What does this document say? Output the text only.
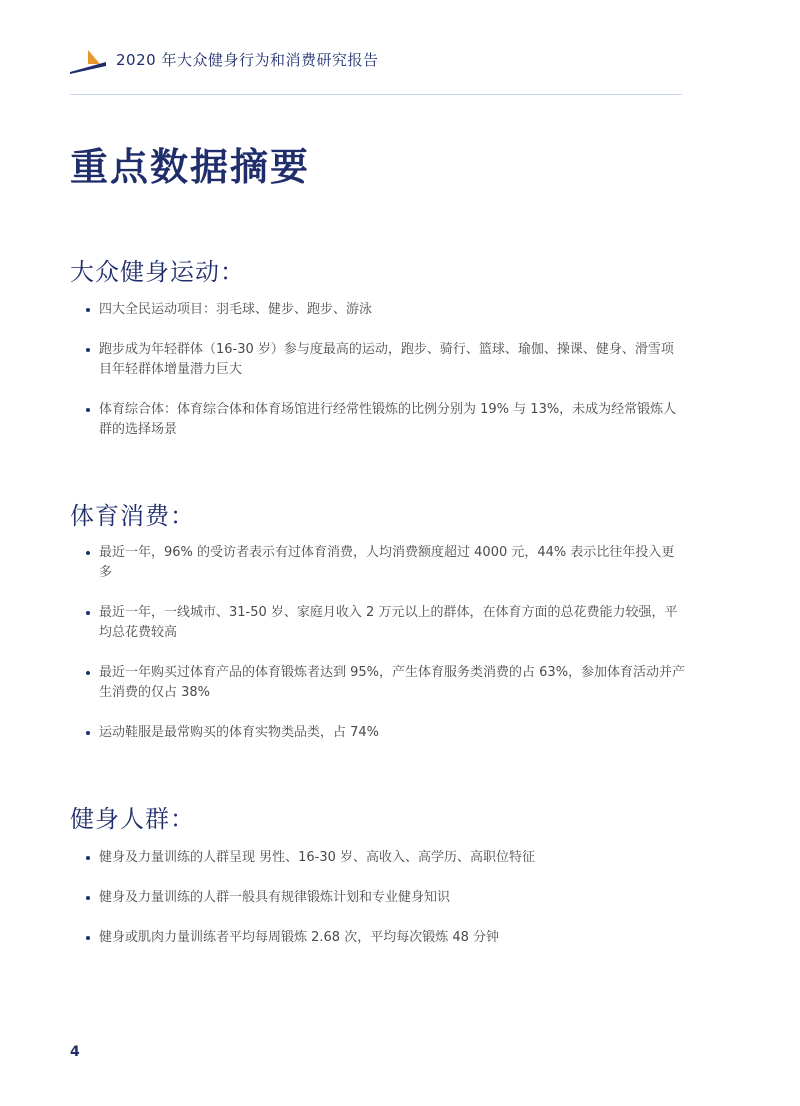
2020 年大众健身行为和消费研究报告
重点数据摘要
大众健身运动：
四大全民运动项目：羽毛球、健步、跑步、游泳
跑步成为年轻群体（16-30 岁）参与度最高的运动，跑步、骑行、篮球、瑜伽、操课、健身、滑雪项目年轻群体增量潜力巨大
体育综合体：体育综合体和体育场馆进行经常性锻炼的比例分别为 19% 与 13%，未成为经常锻炼人群的选择场景
体育消费：
最近一年，96% 的受访者表示有过体育消费，人均消费额度超过 4000 元，44% 表示比往年投入更多
最近一年，一线城市、31-50 岁、家庭月收入 2 万元以上的群体，在体育方面的总花费能力较强，平均总花费较高
最近一年购买过体育产品的体育锻炼者达到 95%，产生体育服务类消费的占 63%，参加体育活动并产生消费的仅占 38%
运动鞋服是最常购买的体育实物类品类，占 74%
健身人群：
健身及力量训练的人群呈现 男性、16-30 岁、高收入、高学历、高职位特征
健身及力量训练的人群一般具有规律锻炼计划和专业健身知识
健身或肌肉力量训练者平均每周锻炼 2.68 次，平均每次锻炼 48 分钟
4
